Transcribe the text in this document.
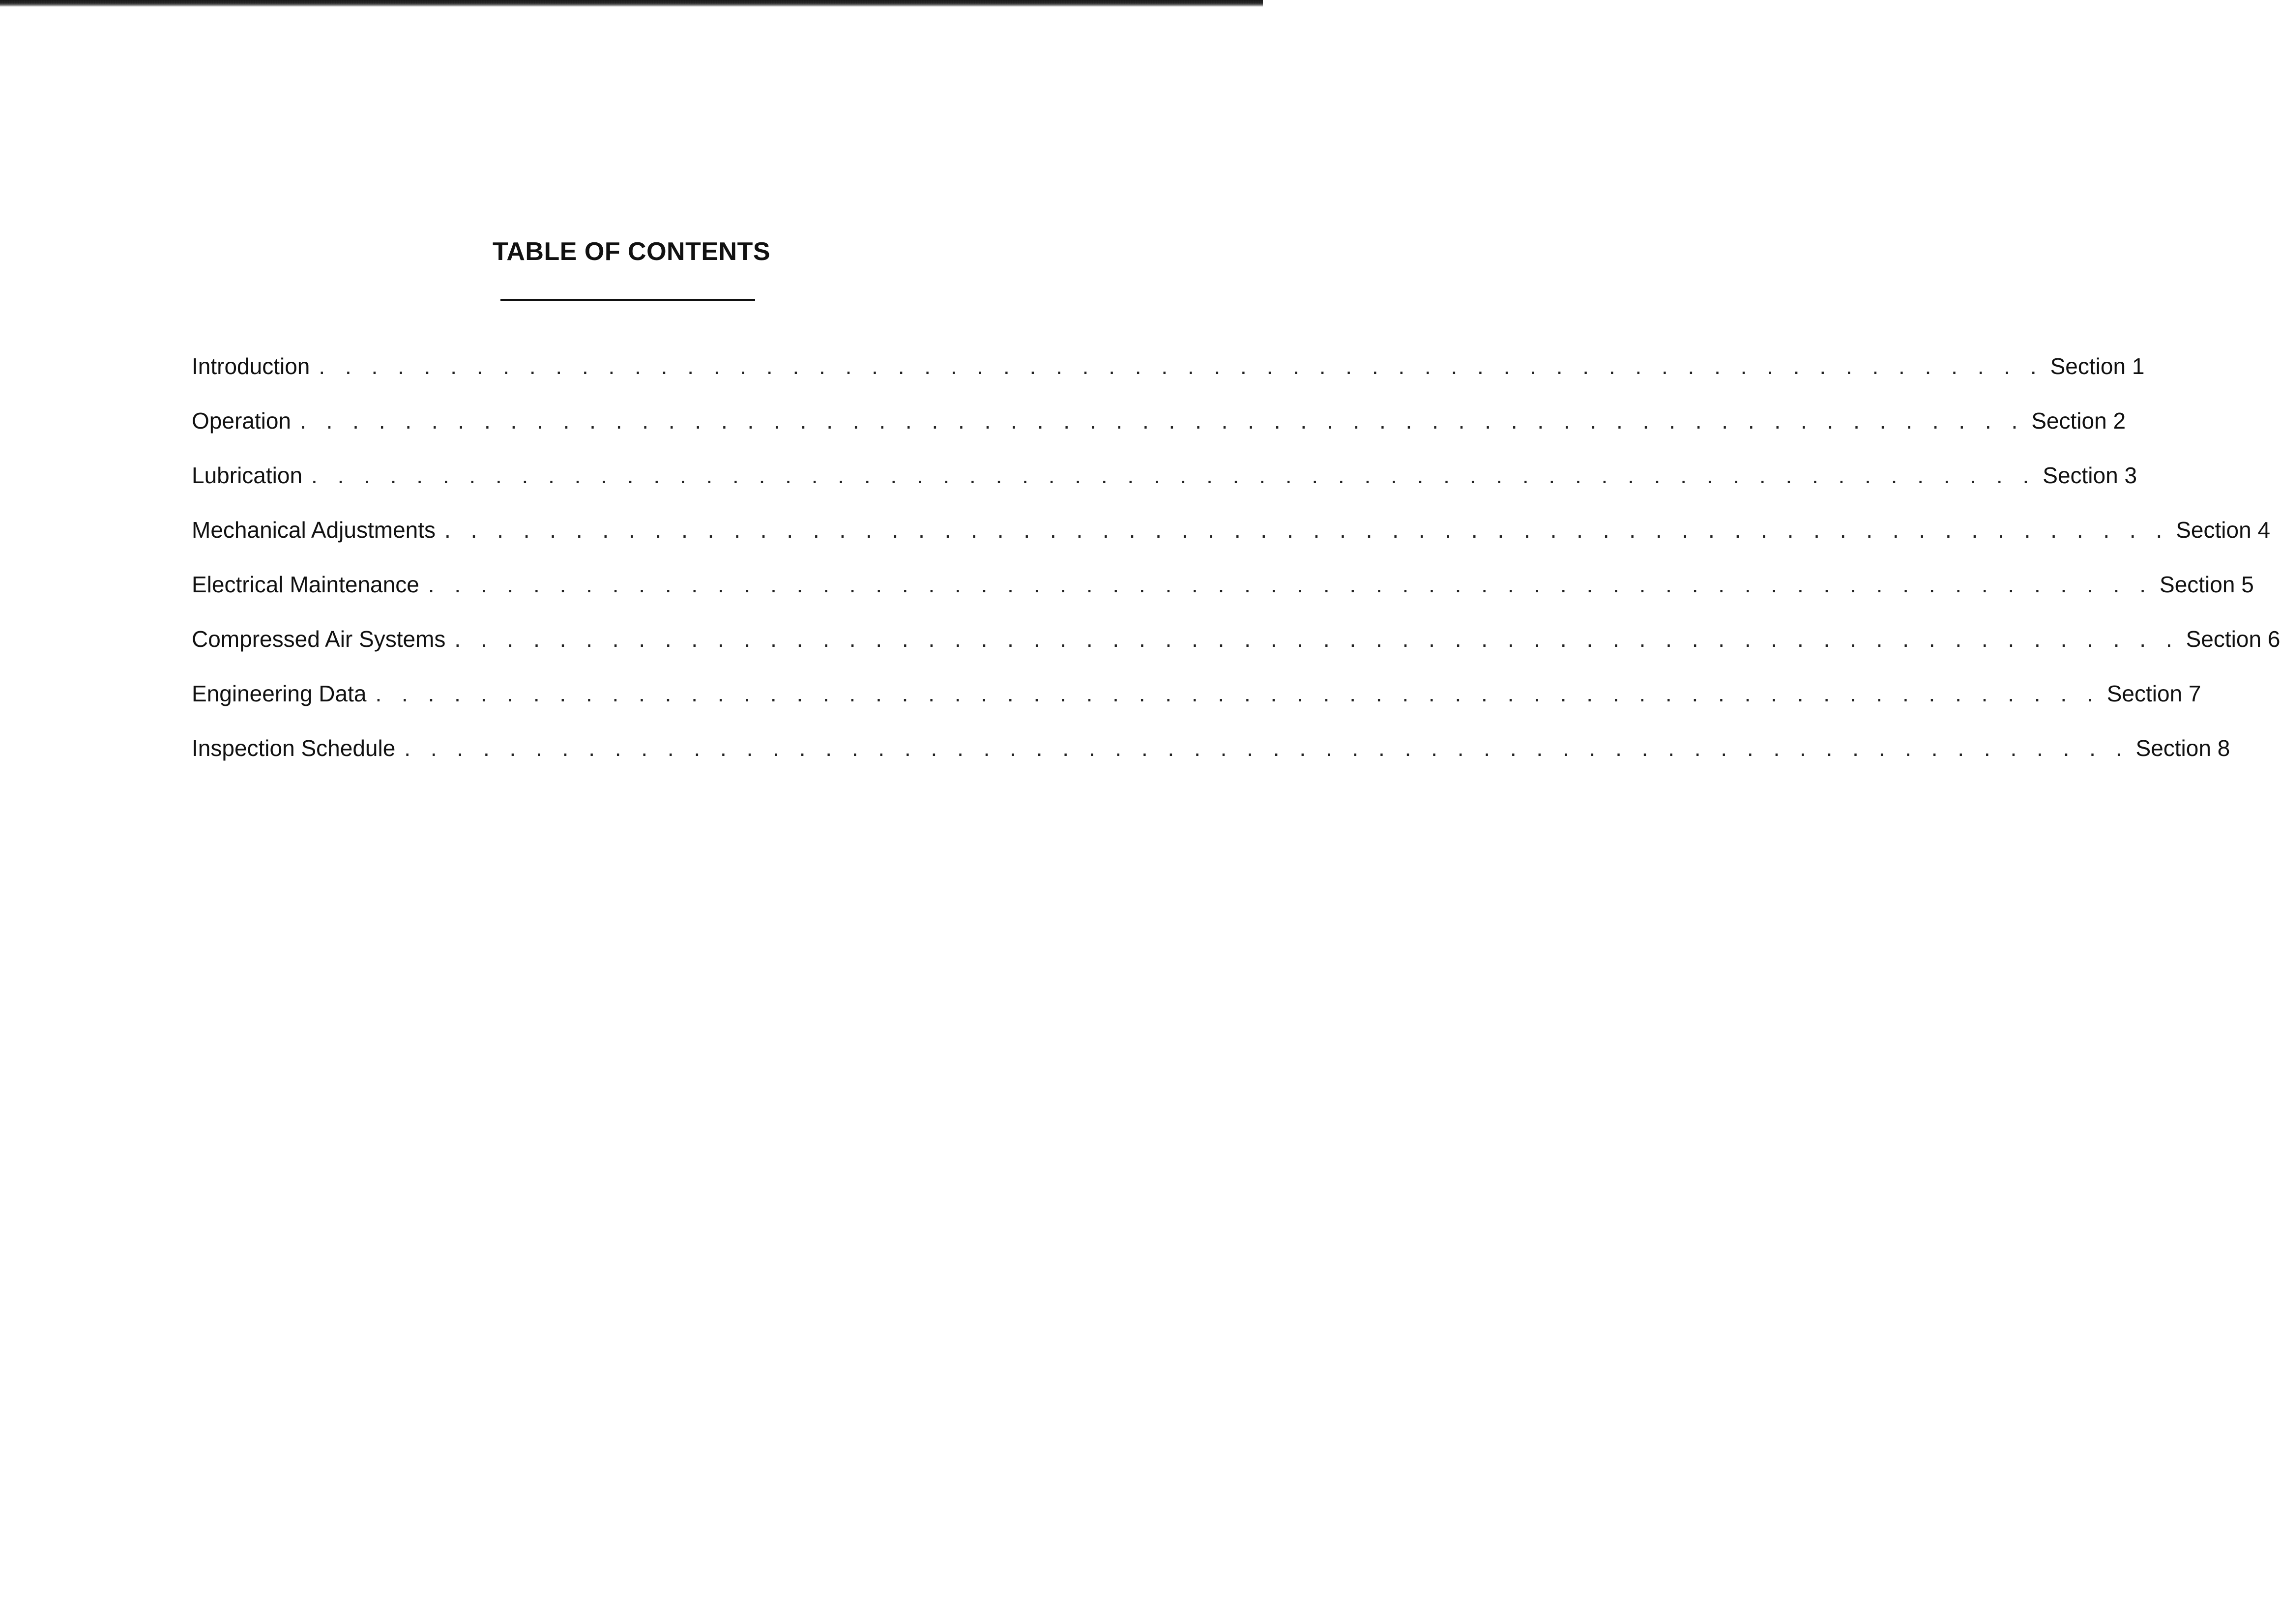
TABLE OF CONTENTS
Introduction . . . . . . . . . . . . . . . . . . . . . . . . . . . . . . . . . . . . . . . . . . . . . . . . . . . . . . . . . . . . . . . . . . Section 1
Operation . . . . . . . . . . . . . . . . . . . . . . . . . . . . . . . . . . . . . . . . . . . . . . . . . . . . . . . . . . . . . . . . . . Section 2
Lubrication . . . . . . . . . . . . . . . . . . . . . . . . . . . . . . . . . . . . . . . . . . . . . . . . . . . . . . . . . . . . . . . . . . Section 3
Mechanical Adjustments . . . . . . . . . . . . . . . . . . . . . . . . . . . . . . . . . . . . . . . . . . . . . . . . . . . . . . . . . . . . . . . . . . Section 4
Electrical Maintenance . . . . . . . . . . . . . . . . . . . . . . . . . . . . . . . . . . . . . . . . . . . . . . . . . . . . . . . . . . . . . . . . . . Section 5
Compressed Air Systems . . . . . . . . . . . . . . . . . . . . . . . . . . . . . . . . . . . . . . . . . . . . . . . . . . . . . . . . . . . . . . . . . . Section 6
Engineering Data . . . . . . . . . . . . . . . . . . . . . . . . . . . . . . . . . . . . . . . . . . . . . . . . . . . . . . . . . . . . . . . . . . Section 7
Inspection Schedule . . . . . . . . . . . . . . . . . . . . . . . . . . . . . . . . . . . . . . . . . . . . . . . . . . . . . . . . . . . . . . . . . . Section 8
